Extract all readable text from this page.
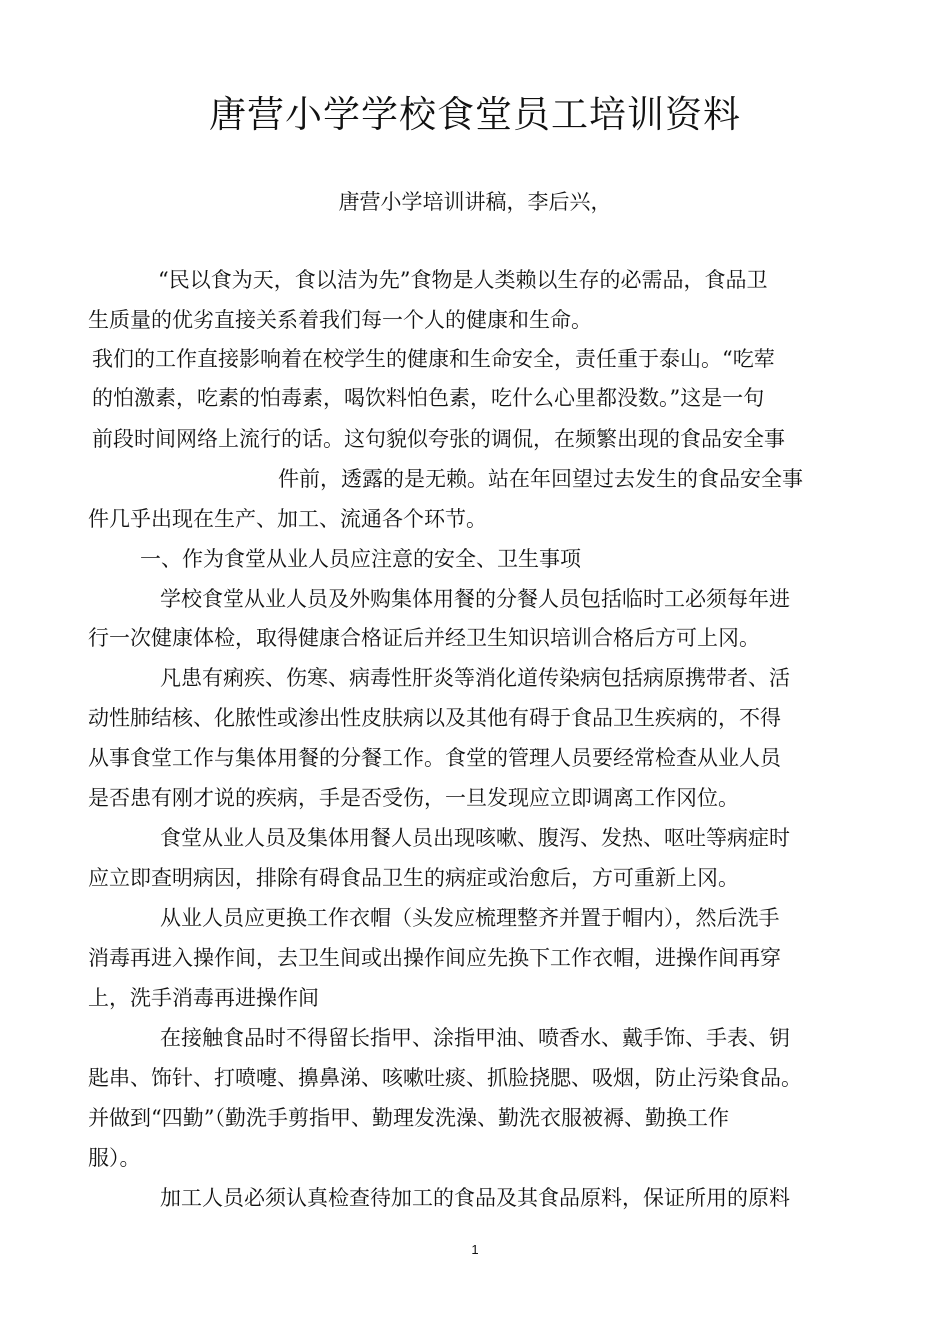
唐营小学学校食堂员工培训资料
唐营小学培训讲稿，李后兴，
“民以食为天，食以洁为先”食物是人类赖以生存的必需品，食品卫
生质量的优劣直接关系着我们每一个人的健康和生命。
我们的工作直接影响着在校学生的健康和生命安全，责任重于泰山。“吃荤
的怕激素，吃素的怕毒素，喝饮料怕色素，吃什么心里都没数。”这是一句
前段时间网络上流行的话。这句貌似夸张的调侃，在频繁出现的食品安全事
件前，透露的是无赖。站在年回望过去发生的食品安全事
件几乎出现在生产、加工、流通各个环节。
一、作为食堂从业人员应注意的安全、卫生事项
学校食堂从业人员及外购集体用餐的分餐人员包括临时工必须每年进
行一次健康体检，取得健康合格证后并经卫生知识培训合格后方可上冈。
凡患有痢疾、伤寒、病毒性肝炎等消化道传染病包括病原携带者、活
动性肺结核、化脓性或渗出性皮肤病以及其他有碍于食品卫生疾病的，不得
从事食堂工作与集体用餐的分餐工作。食堂的管理人员要经常检查从业人员
是否患有刚才说的疾病，手是否受伤，一旦发现应立即调离工作冈位。
食堂从业人员及集体用餐人员出现咳嗽、腹泻、发热、呕吐等病症时
应立即查明病因，排除有碍食品卫生的病症或治愈后，方可重新上冈。
从业人员应更换工作衣帽（头发应梳理整齐并置于帽内），然后洗手
消毒再进入操作间，去卫生间或出操作间应先换下工作衣帽，进操作间再穿
上，洗手消毒再进操作间
在接触食品时不得留长指甲、涂指甲油、喷香水、戴手饰、手表、钥
匙串、饰针、打喷嚏、擤鼻涕、咳嗽吐痰、抓脸挠腮、吸烟，防止污染食品。
并做到“四勤”（勤洗手剪指甲、勤理发洗澡、勤洗衣服被褥、勤换工作
服）。
加工人员必须认真检查待加工的食品及其食品原料，保证所用的原料
1
